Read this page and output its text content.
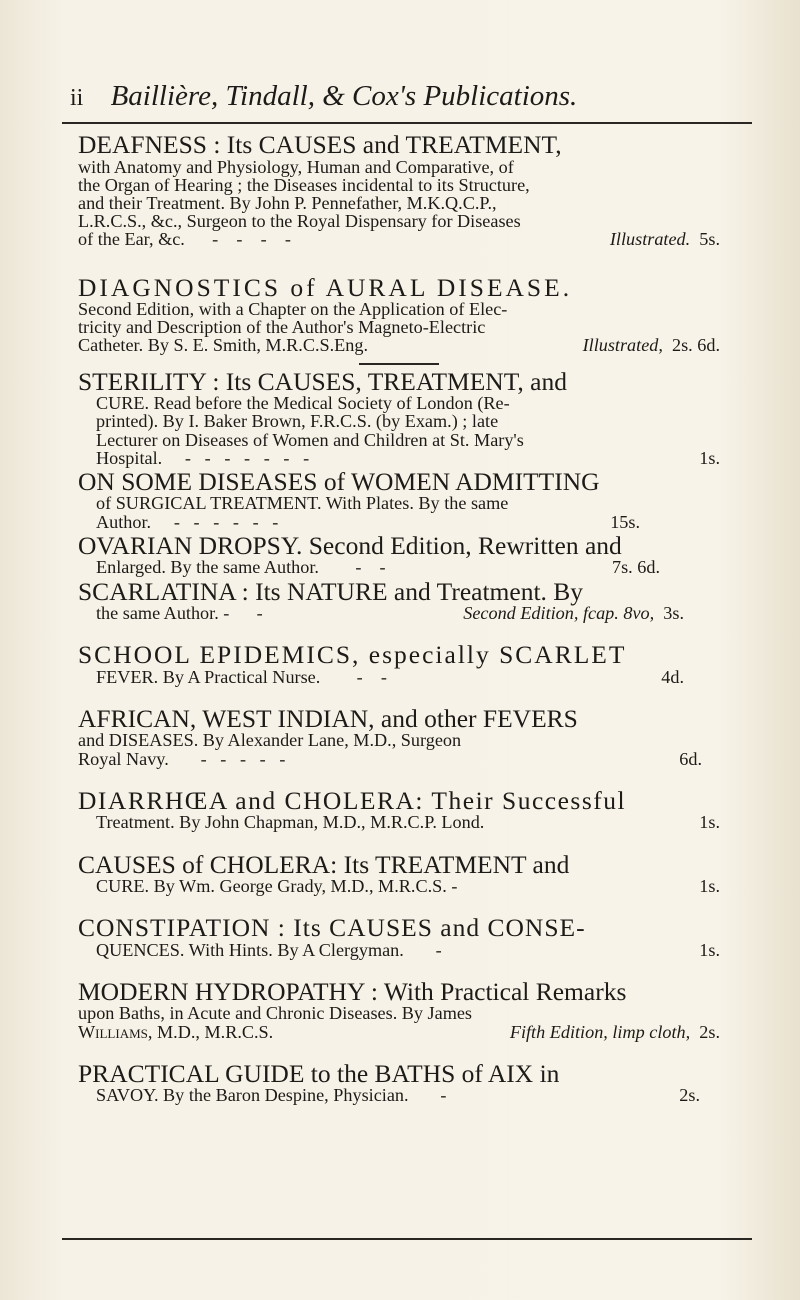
ii Baillière, Tindall, & Cox's Publications.

DEAFNESS : Its CAUSES and TREATMENT,

with Anatomy and Physiology, Human and Comparative, of

the Organ of Hearing ; the Diseases incidental to its Structure,

and their Treatment. By John P. Pennefather, M.K.Q.C.P.,

L.R.C.S., &c., Surgeon to the Royal Dispensary for Diseases

of the Ear, &c.      -    -    -    -	Illustrated. 5s.

DIAGNOSTICS of AURAL DISEASE.

Second Edition, with a Chapter on the Application of Elec-

tricity and Description of the Author's Magneto-Electric

Catheter. By S. E. Smith, M.R.C.S.Eng.	Illustrated, 2s. 6d.

STERILITY : Its CAUSES, TREATMENT, and

CURE. Read before the Medical Society of London (Re-

printed). By I. Baker Brown, F.R.C.S. (by Exam.) ; late

Lecturer on Diseases of Women and Children at St. Mary's

Hospital.     -   -   -   -   -   -   -	1s.

ON SOME DISEASES of WOMEN ADMITTING

of SURGICAL TREATMENT. With Plates. By the same

Author.     -   -   -   -   -   -	15s.

OVARIAN DROPSY. Second Edition, Rewritten and

Enlarged. By the same Author.        -    -	7s. 6d.

SCARLATINA : Its NATURE and Treatment. By

the same Author. -      -	Second Edition, fcap. 8vo, 3s.

SCHOOL EPIDEMICS, especially SCARLET

FEVER. By A Practical Nurse.        -    -	4d.

AFRICAN, WEST INDIAN, and other FEVERS

and DISEASES. By Alexander Lane, M.D., Surgeon

Royal Navy.       -   -   -   -   -	6d.

DIARRHŒA and CHOLERA: Their Successful

Treatment. By John Chapman, M.D., M.R.C.P. Lond.	1s.

CAUSES of CHOLERA: Its TREATMENT and

CURE. By Wm. George Grady, M.D., M.R.C.S. -	1s.

CONSTIPATION : Its CAUSES and CONSE-

QUENCES. With Hints. By A Clergyman.       -	1s.

MODERN HYDROPATHY : With Practical Remarks

upon Baths, in Acute and Chronic Diseases. By James

Williams, M.D., M.R.C.S.	Fifth Edition, limp cloth, 2s.

PRACTICAL GUIDE to the BATHS of AIX in

SAVOY. By the Baron Despine, Physician.       -	2s.
